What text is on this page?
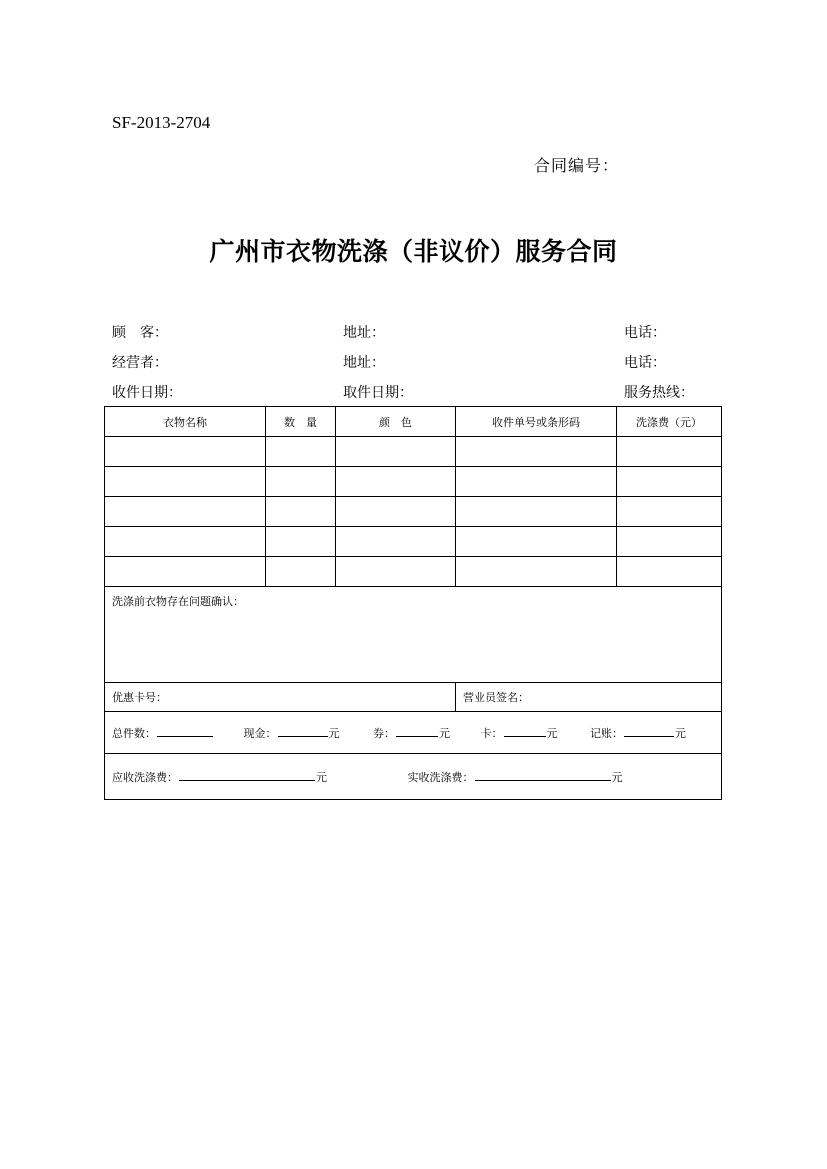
SF-2013-2704
合同编号：
广州市衣物洗涤（非议价）服务合同
顾　客：	地址：	电话：
经营者：	地址：	电话：
收件日期：	取件日期：	服务热线：
衣物名称	数　量	颜　色	收件单号或条形码	洗涤费（元）

洗涤前衣物存在问题确认：				
优惠卡号：			营业员签名：	
总件数： 现金： 元 券： 元 卡： 元 记账： 元				
应收洗涤费： 元 实收洗涤费： 元				
